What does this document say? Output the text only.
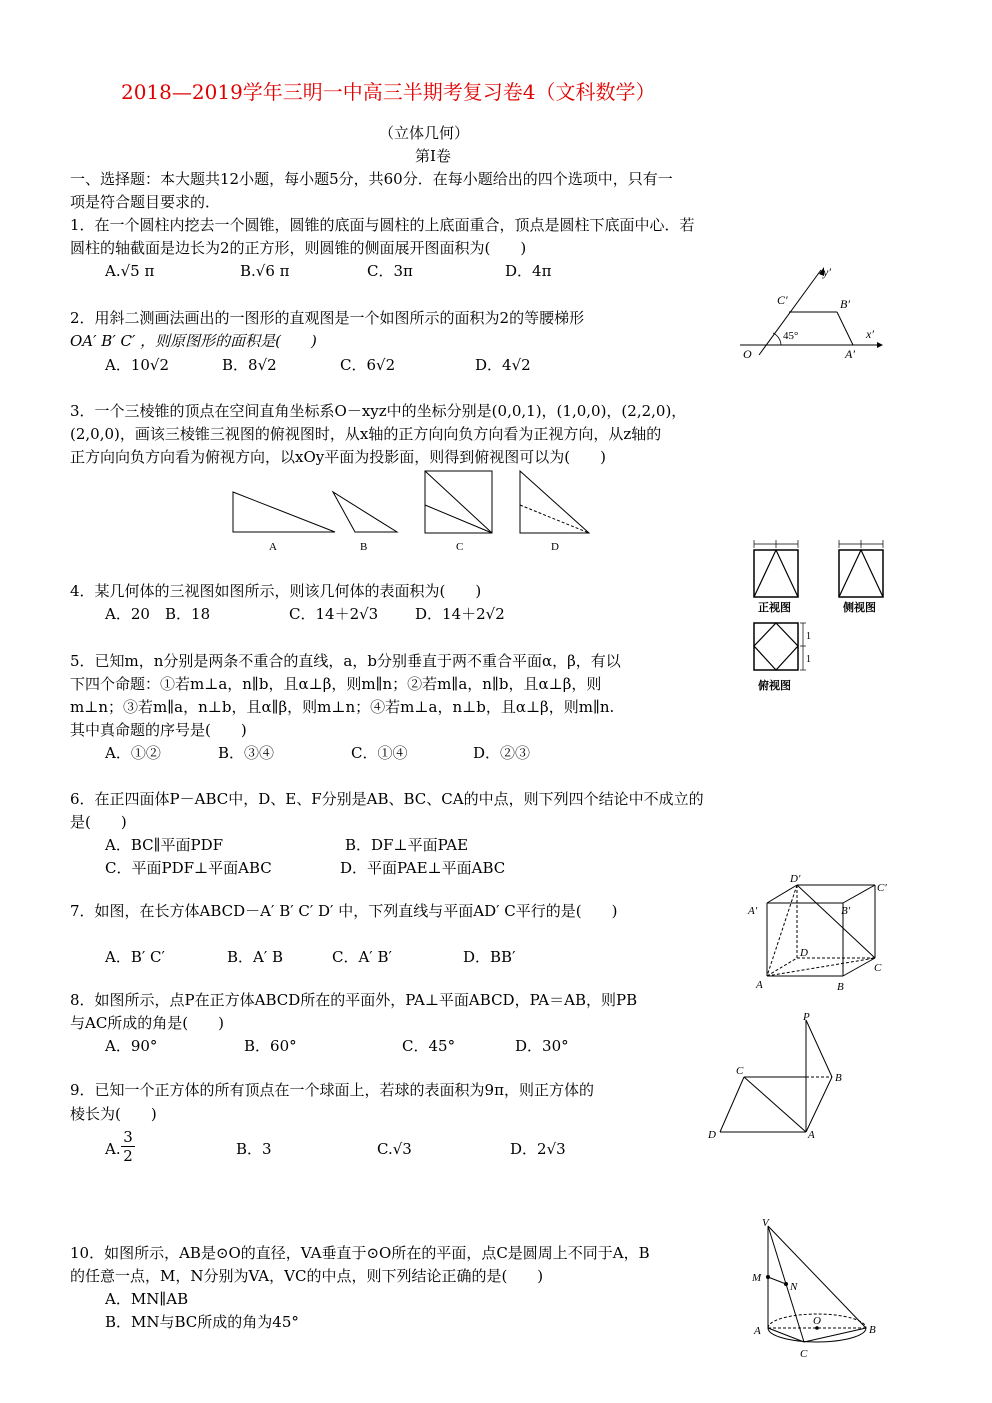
2018—2019学年三明一中高三半期考复习卷4（文科数学）
（立体几何）
第Ⅰ卷
一、选择题：本大题共12小题，每小题5分，共60分．在每小题给出的四个选项中，只有一
项是符合题目要求的．
1．在一个圆柱内挖去一个圆锥，圆锥的底面与圆柱的上底面重合，顶点是圆柱下底面中心．若
圆柱的轴截面是边长为2的正方形，则圆锥的侧面展开图面积为(　　)
A.√5 π	B.√6 π	C．3π	D．4π
2．用斜二测画法画出的一图形的直观图是一个如图所示的面积为2的等腰梯形
OA′ B′ C′ ，则原图形的面积是(　　)
A．10√2	B．8√2	C．6√2	D．4√2
45°
y′
C′	B′
x′
O	A′
3．一个三棱锥的顶点在空间直角坐标系O－xyz中的坐标分别是(0,0,1)，(1,0,0)，(2,2,0)，
(2,0,0)，画该三棱锥三视图的俯视图时，从x轴的正方向向负方向看为正视方向，从z轴的
正方向向负方向看为俯视方向，以xOy平面为投影面，则得到俯视图可以为(　　)
A	B	C	D
4．某几何体的三视图如图所示，则该几何体的表面积为(　　)
A．20 B．18	C．14＋2√3 D．14＋2√2	正视图	侧视图
1
1
俯视图
5．已知m，n分别是两条不重合的直线，a，b分别垂直于两不重合平面α，β，有以
下四个命题：①若m⊥a，n∥b，且α⊥β，则m∥n；②若m∥a，n∥b，且α⊥β，则
m⊥n；③若m∥a，n⊥b，且α∥β，则m⊥n；④若m⊥a，n⊥b，且α⊥β，则m∥n.
其中真命题的序号是(　　)
A．①②	B．③④	C．①④	D．②③
6．在正四面体P－ABC中，D、E、F分别是AB、BC、CA的中点，则下列四个结论中不成立的
是(　　)
A．BC∥平面PDF	B．DF⊥平面PAE
C．平面PDF⊥平面ABC	D．平面PAE⊥平面ABC
7．如图，在长方体ABCD－A′ B′ C′ D′ 中，下列直线与平面AD′ C平行的是(　　)
A．B′ C′	B．A′ B	C．A′ B′	D．BB′
D′
C′
A′	B′
D
C
A	B
8．如图所示，点P在正方体ABCD所在的平面外，PA⊥平面ABCD，PA＝AB，则PB
与AC所成的角是(　　)
A．90°	B．60°	C．45°	D．30°
P
C
B
D	A
9．已知一个正方体的所有顶点在一个球面上，若球的表面积为9π，则正方体的
棱长为(　　)
A. $\frac{3}{2}$	B．3	C.√3	D．2√3
10．如图所示，AB是⊙O的直径，VA垂直于⊙O所在的平面，点C是圆周上不同于A，B
的任意一点，M，N分别为VA，VC的中点，则下列结论正确的是(　　)
A．MN∥AB
B．MN与BC所成的角为45°
V
M
N
O
A	B
C
